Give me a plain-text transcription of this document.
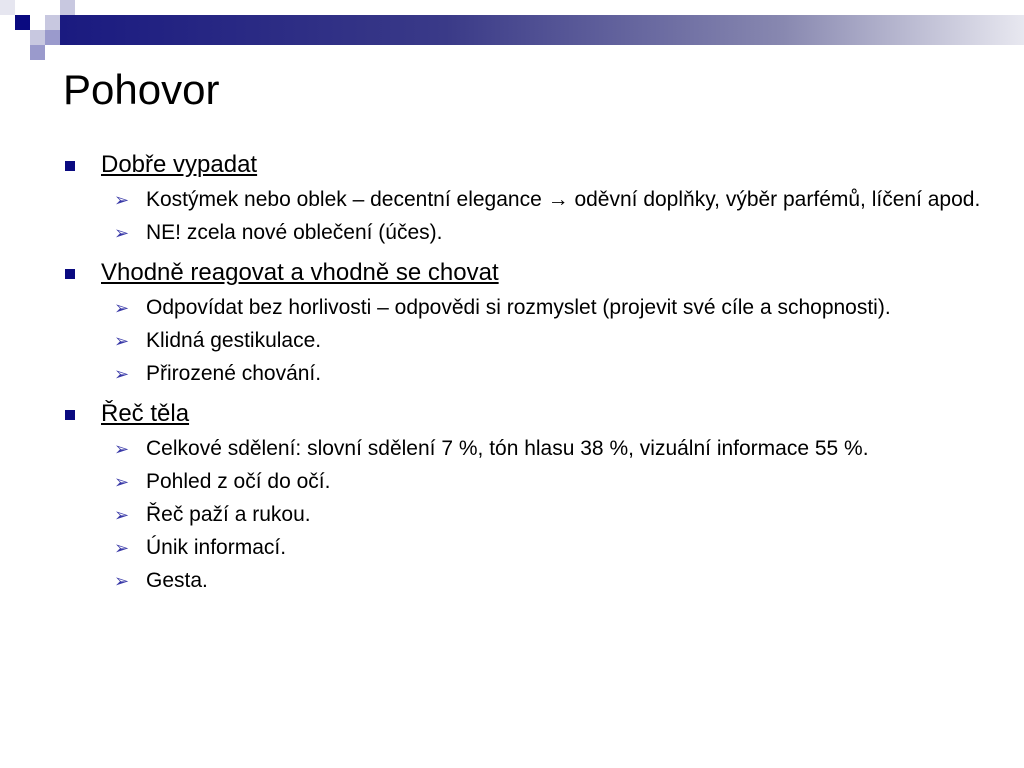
Pohovor
Dobře vypadat
➢ Kostýmek nebo oblek – decentní elegance → oděvní doplňky, výběr parfémů, líčení apod.
➢ NE! zcela nové oblečení (účes).
Vhodně reagovat a vhodně se chovat
➢ Odpovídat bez horlivosti – odpovědi si rozmyslet (projevit své cíle a schopnosti).
➢ Klidná gestikulace.
➢ Přirozené chování.
Řeč těla
➢ Celkové sdělení: slovní sdělení 7 %, tón hlasu 38 %, vizuální informace 55 %.
➢ Pohled z očí do očí.
➢ Řeč paží a rukou.
➢ Únik informací.
➢ Gesta.
